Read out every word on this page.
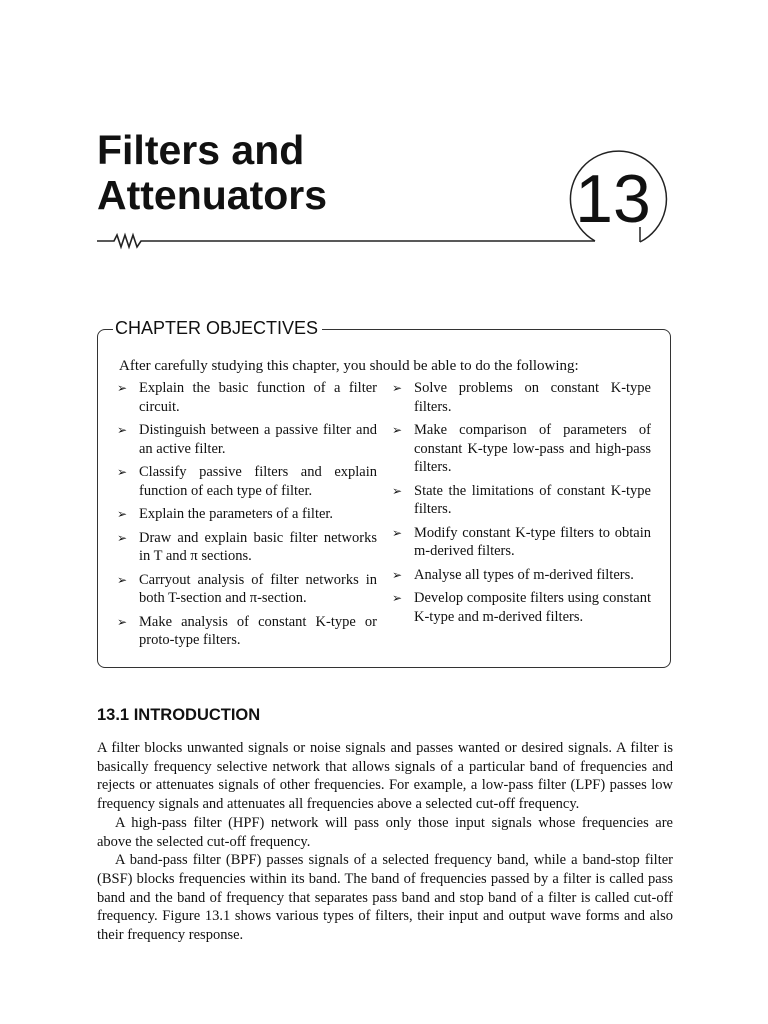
Filters and
Attenuators	13
CHAPTER OBJECTIVES
After carefully studying this chapter, you should be able to do the following:
➢ Explain the basic function of a filter circuit.
➢ Distinguish between a passive filter and an active filter.
➢ Classify passive filters and explain function of each type of filter.
➢ Explain the parameters of a filter.
➢ Draw and explain basic filter networks in T and π sections.
➢ Carryout analysis of filter networks in both T-section and π-section.
➢ Make analysis of constant K-type or proto-type filters.
➢ Solve problems on constant K-type filters.
➢ Make comparison of parameters of constant K-type low-pass and high-pass filters.
➢ State the limitations of constant K-type filters.
➢ Modify constant K-type filters to obtain m-derived filters.
➢ Analyse all types of m-derived filters.
➢ Develop composite filters using constant K-type and m-derived filters.
13.1 INTRODUCTION

A filter blocks unwanted signals or noise signals and passes wanted or desired signals. A filter is basically frequency selective network that allows signals of a particular band of frequencies and rejects or attenuates signals of other frequencies. For example, a low-pass filter (LPF) passes low frequency signals and attenuates all frequencies above a selected cut-off frequency.

A high-pass filter (HPF) network will pass only those input signals whose frequencies are above the selected cut-off frequency.

A band-pass filter (BPF) passes signals of a selected frequency band, while a band-stop filter (BSF) blocks frequencies within its band. The band of frequencies passed by a filter is called pass band and the band of frequency that separates pass band and stop band of a filter is called cut-off frequency. Figure 13.1 shows various types of filters, their input and output wave forms and also their frequency response.
